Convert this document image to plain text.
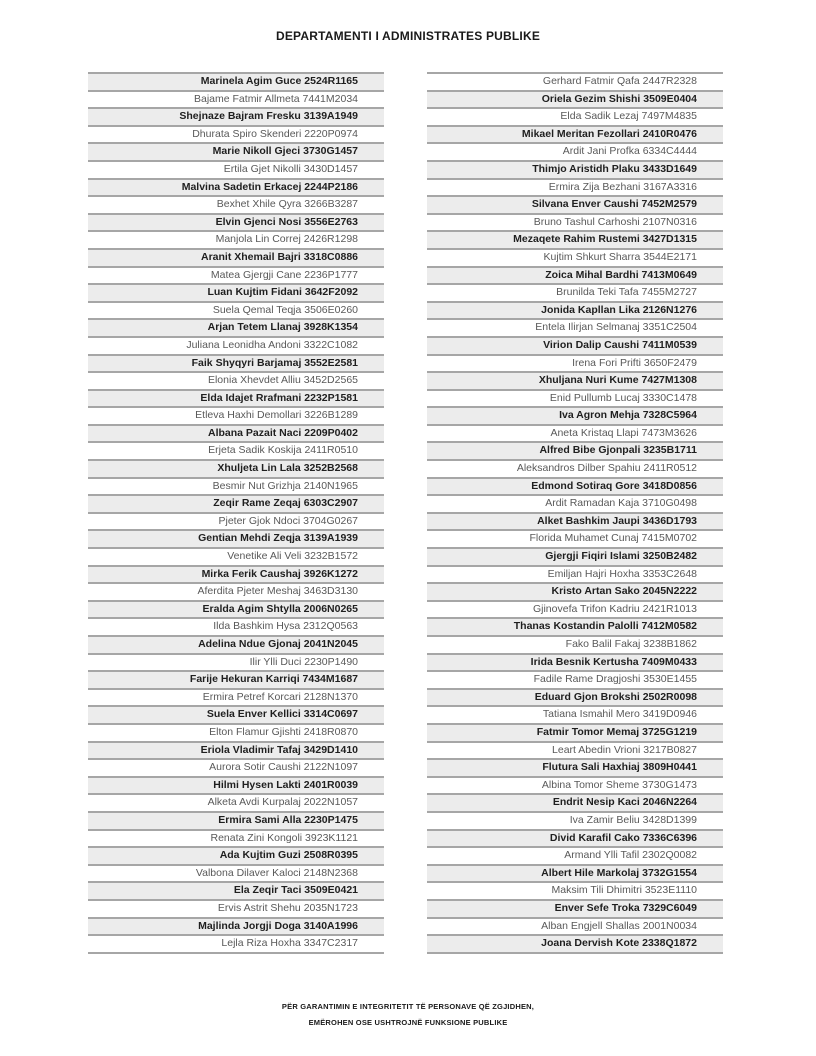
DEPARTAMENTI I ADMINISTRATES PUBLIKE
Marinela Agim Guce 2524R1165
Bajame Fatmir Allmeta 7441M2034
Shejnaze Bajram Fresku 3139A1949
Dhurata Spiro Skenderi 2220P0974
Marie Nikoll Gjeci 3730G1457
Ertila Gjet Nikolli 3430D1457
Malvina Sadetin Erkacej 2244P2186
Bexhet Xhile Qyra 3266B3287
Elvin Gjenci Nosi 3556E2763
Manjola Lin Correj 2426R1298
Aranit Xhemail Bajri 3318C0886
Matea Gjergji Cane 2236P1777
Luan Kujtim Fidani 3642F2092
Suela Qemal Teqja 3506E0260
Arjan Tetem Llanaj 3928K1354
Juliana Leonidha Andoni 3322C1082
Faik Shyqyri Barjamaj 3552E2581
Elonia Xhevdet Alliu 3452D2565
Elda Idajet Rrafmani 2232P1581
Etleva Haxhi Demollari 3226B1289
Albana Pazait Naci 2209P0402
Erjeta Sadik Koskija 2411R0510
Xhuljeta Lin Lala 3252B2568
Besmir Nut Grizhja 2140N1965
Zeqir Rame Zeqaj 6303C2907
Pjeter Gjok Ndoci 3704G0267
Gentian Mehdi Zeqja 3139A1939
Venetike Ali Veli 3232B1572
Mirka Ferik Caushaj 3926K1272
Aferdita Pjeter Meshaj 3463D3130
Eralda Agim Shtylla 2006N0265
Ilda Bashkim Hysa 2312Q0563
Adelina Ndue Gjonaj 2041N2045
Ilir Ylli Duci 2230P1490
Farije Hekuran Karriqi 7434M1687
Ermira Petref Korcari 2128N1370
Suela Enver Kellici 3314C0697
Elton Flamur Gjishti 2418R0870
Eriola Vladimir Tafaj 3429D1410
Aurora Sotir Caushi 2122N1097
Hilmi Hysen Lakti 2401R0039
Alketa Avdi Kurpalaj 2022N1057
Ermira Sami Alla 2230P1475
Renata Zini Kongoli 3923K1121
Ada Kujtim Guzi 2508R0395
Valbona Dilaver Kaloci 2148N2368
Ela Zeqir Taci 3509E0421
Ervis Astrit Shehu 2035N1723
Majlinda Jorgji Doga 3140A1996
Lejla Riza Hoxha 3347C2317
Gerhard Fatmir Qafa 2447R2328
Oriela Gezim Shishi 3509E0404
Elda Sadik Lezaj 7497M4835
Mikael Meritan Fezollari 2410R0476
Ardit Jani Profka 6334C4444
Thimjo Aristidh Plaku 3433D1649
Ermira Zija Bezhani 3167A3316
Silvana Enver Caushi 7452M2579
Bruno Tashul Carhoshi 2107N0316
Mezaqete Rahim Rustemi 3427D1315
Kujtim Shkurt Sharra 3544E2171
Zoica Mihal Bardhi 7413M0649
Brunilda Teki Tafa 7455M2727
Jonida Kapllan Lika 2126N1276
Entela Ilirjan Selmanaj 3351C2504
Virion Dalip Caushi 7411M0539
Irena Fori Prifti 3650F2479
Xhuljana Nuri Kume 7427M1308
Enid Pullumb Lucaj 3330C1478
Iva Agron Mehja 7328C5964
Aneta Kristaq Llapi 7473M3626
Alfred Bibe Gjonpali 3235B1711
Aleksandros Dilber Spahiu 2411R0512
Edmond Sotiraq Gore 3418D0856
Ardit Ramadan Kaja 3710G0498
Alket Bashkim Jaupi 3436D1793
Florida Muhamet Cunaj 7415M0702
Gjergji Fiqiri Islami 3250B2482
Emiljan Hajri Hoxha 3353C2648
Kristo Artan Sako 2045N2222
Gjinovefa Trifon Kadriu 2421R1013
Thanas Kostandin Palolli 7412M0582
Fako Balil Fakaj 3238B1862
Irida Besnik Kertusha 7409M0433
Fadile Rame Dragjoshi 3530E1455
Eduard Gjon Brokshi 2502R0098
Tatiana Ismahil Mero 3419D0946
Fatmir Tomor Memaj 3725G1219
Leart Abedin Vrioni 3217B0827
Flutura Sali Haxhiaj 3809H0441
Albina Tomor Sheme 3730G1473
Endrit Nesip Kaci 2046N2264
Iva Zamir Beliu 3428D1399
Divid Karafil Cako 7336C6396
Armand Ylli Tafil 2302Q0082
Albert Hile Markolaj 3732G1554
Maksim Tili Dhimitri 3523E1110
Enver Sefe Troka 7329C6049
Alban Engjell Shallas 2001N0034
Joana Dervish Kote 2338Q1872
PËR GARANTIMIN E INTEGRITETIT TË PERSONAVE QË ZGJIDHEN,
EMËROHEN OSE USHTROJNË FUNKSIONE PUBLIKE
